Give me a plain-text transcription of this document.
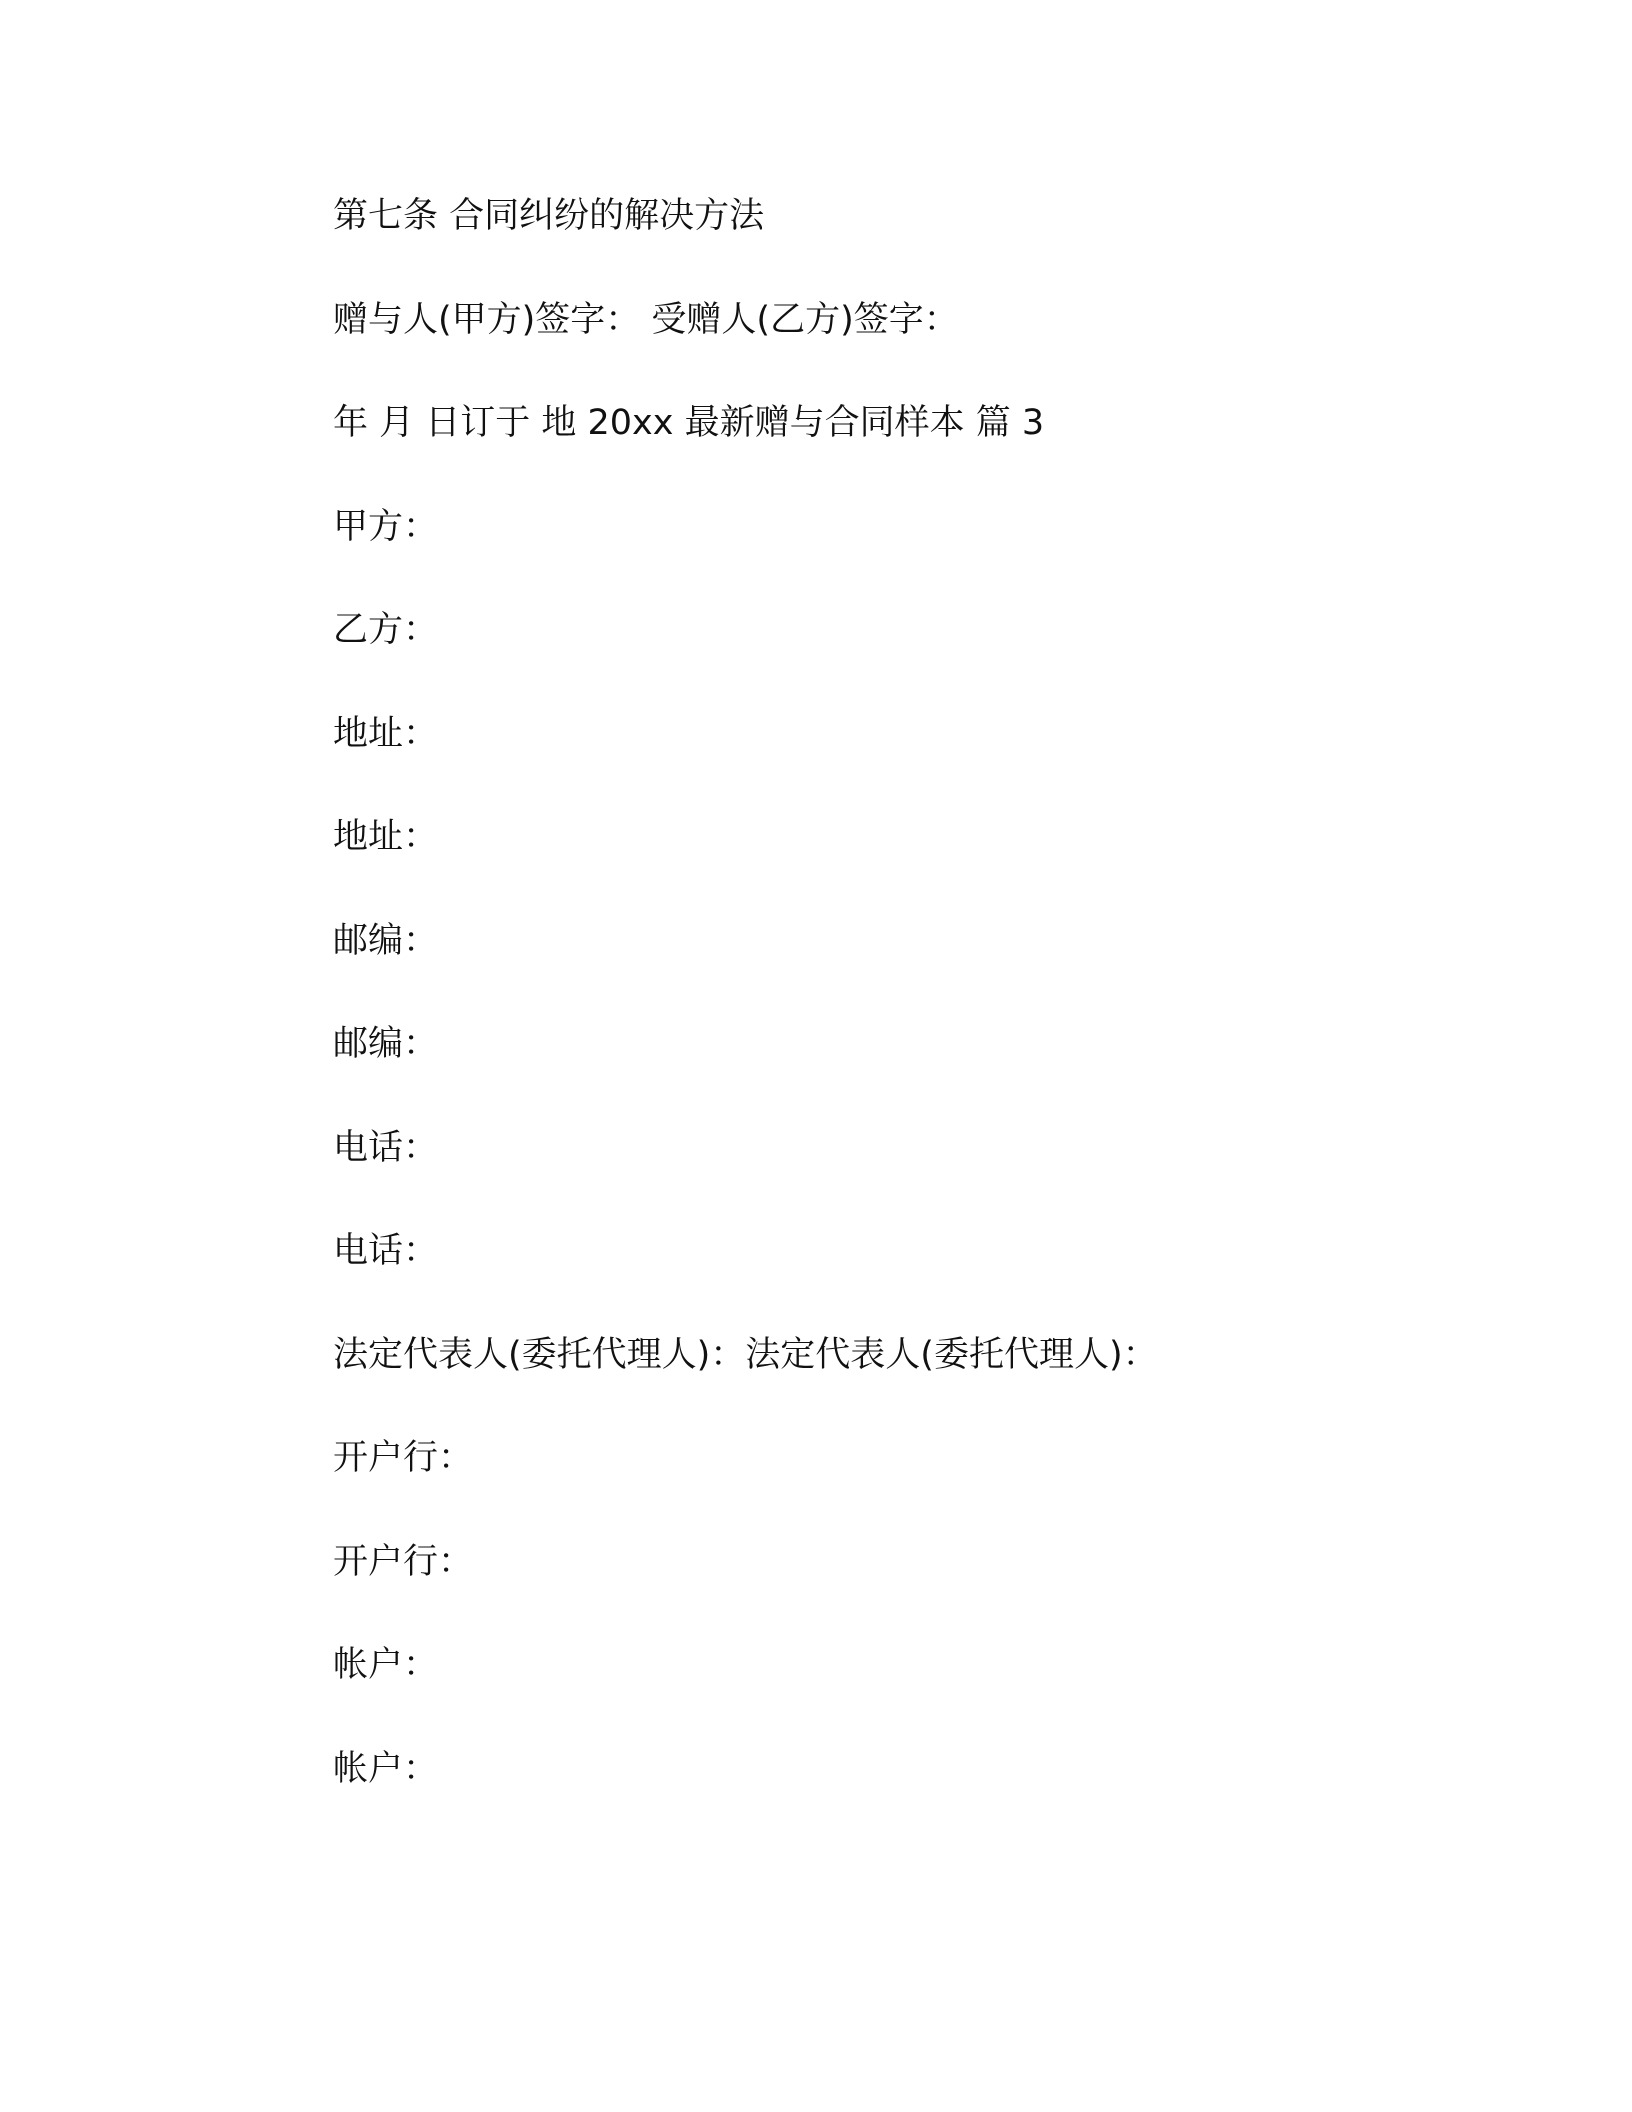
第七条 合同纠纷的解决方法
赠与人(甲方)签字： 受赠人(乙方)签字：
年 月 日订于 地 20xx 最新赠与合同样本 篇 3
甲方：
乙方：
地址：
地址：
邮编：
邮编：
电话：
电话：
法定代表人(委托代理人)：法定代表人(委托代理人)：
开户行：
开户行：
帐户：
帐户：
